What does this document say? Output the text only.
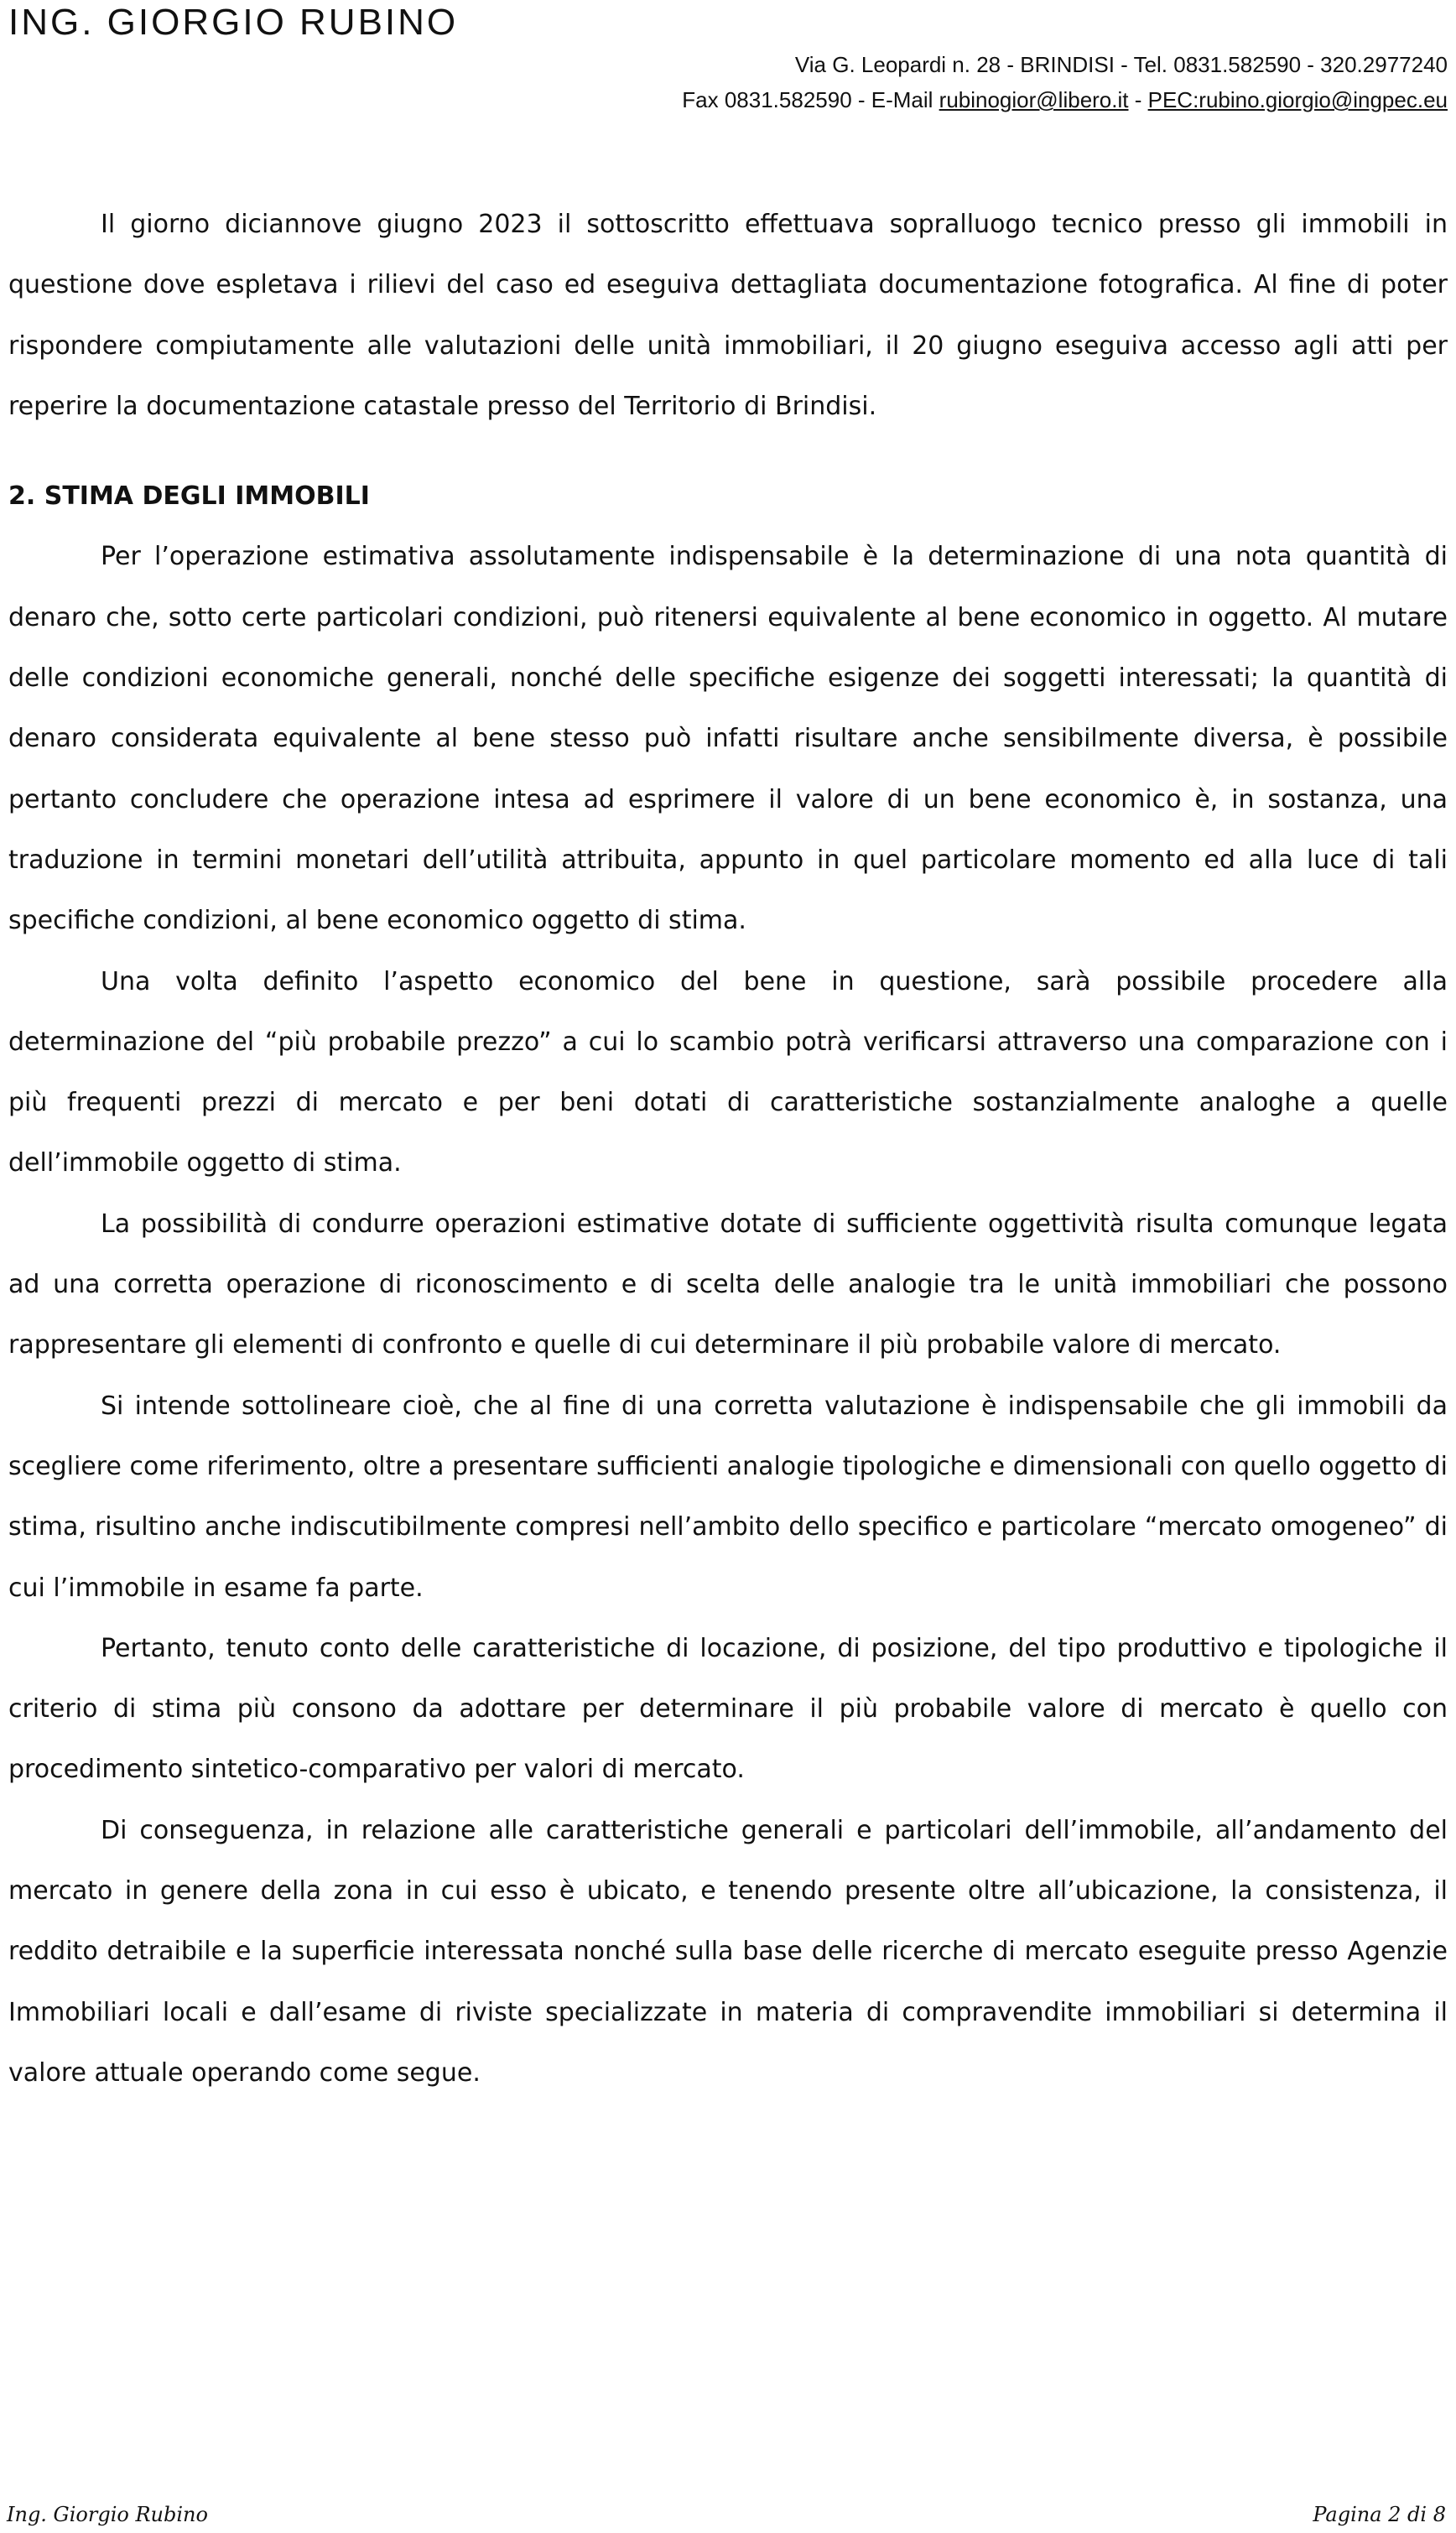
ING. GIORGIO RUBINO
Via G. Leopardi n. 28 - BRINDISI - Tel. 0831.582590 - 320.2977240
Fax 0831.582590 - E-Mail rubinogior@libero.it - PEC:rubino.giorgio@ingpec.eu

Il giorno diciannove giugno 2023 il sottoscritto effettuava sopralluogo tecnico presso gli immobili in questione dove espletava i rilievi del caso ed eseguiva dettagliata documentazione fotografica. Al fine di poter rispondere compiutamente alle valutazioni delle unità immobiliari, il 20 giugno eseguiva accesso agli atti per reperire la documentazione catastale presso del Territorio di Brindisi.

2. STIMA DEGLI IMMOBILI

Per l’operazione estimativa assolutamente indispensabile è la determinazione di una nota quantità di denaro che, sotto certe particolari condizioni, può ritenersi equivalente al bene economico in oggetto. Al mutare delle condizioni economiche generali, nonché delle specifiche esigenze dei soggetti interessati; la quantità di denaro considerata equivalente al bene stesso può infatti risultare anche sensibilmente diversa, è possibile pertanto concludere che operazione intesa ad esprimere il valore di un bene economico è, in sostanza, una traduzione in termini monetari dell’utilità attribuita, appunto in quel particolare momento ed alla luce di tali specifiche condizioni, al bene economico oggetto di stima.

Una volta definito l’aspetto economico del bene in questione, sarà possibile procedere alla determinazione del “più probabile prezzo” a cui lo scambio potrà verificarsi attraverso una comparazione con i più frequenti prezzi di mercato e per beni dotati di caratteristiche sostanzialmente analoghe a quelle dell’immobile oggetto di stima.

La possibilità di condurre operazioni estimative dotate di sufficiente oggettività risulta comunque legata ad una corretta operazione di riconoscimento e di scelta delle analogie tra le unità immobiliari che possono rappresentare gli elementi di confronto e quelle di cui determinare il più probabile valore di mercato.

Si intende sottolineare cioè, che al fine di una corretta valutazione è indispensabile che gli immobili da scegliere come riferimento, oltre a presentare sufficienti analogie tipologiche e dimensionali con quello oggetto di stima, risultino anche indiscutibilmente compresi nell’ambito dello specifico e particolare “mercato omogeneo” di cui l’immobile in esame fa parte.

Pertanto, tenuto conto delle caratteristiche di locazione, di posizione, del tipo produttivo e tipologiche il criterio di stima più consono da adottare per determinare il più probabile valore di mercato è quello con procedimento sintetico-comparativo per valori di mercato.

Di conseguenza, in relazione alle caratteristiche generali e particolari dell’immobile, all’andamento del mercato in genere della zona in cui esso è ubicato, e tenendo presente oltre all’ubicazione, la consistenza, il reddito detraibile e la superficie interessata nonché sulla base delle ricerche di mercato eseguite presso Agenzie Immobiliari locali e dall’esame di riviste specializzate in materia di compravendite immobiliari si determina il valore attuale operando come segue.

Ing. Giorgio Rubino	Pagina 2 di 8
